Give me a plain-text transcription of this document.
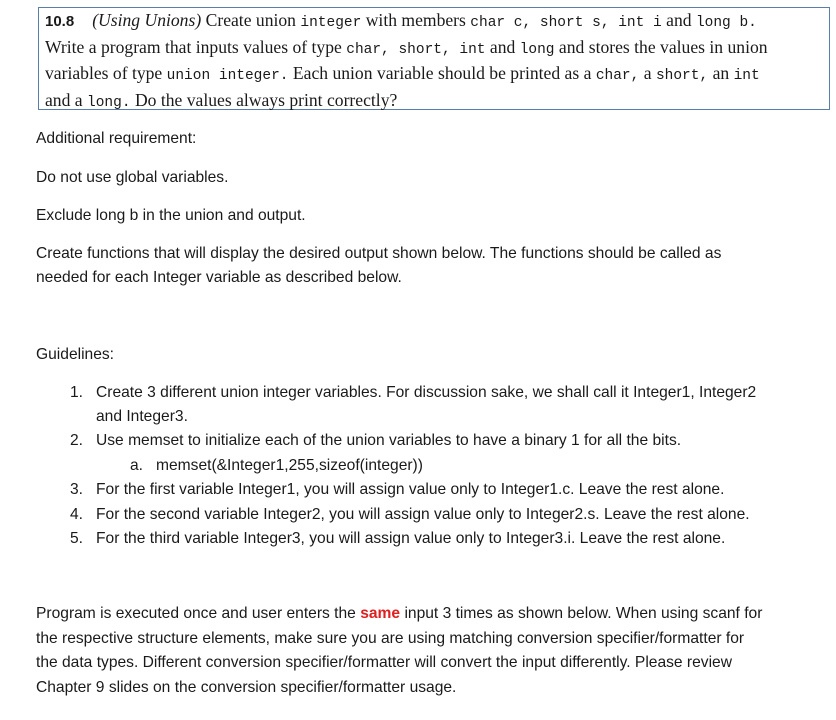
10.8 (Using Unions) Create union integer with members char c, short s, int i and long b.
Write a program that inputs values of type char, short, int and long and stores the values in union variables of type union integer. Each union variable should be printed as a char, a short, an int
and a long. Do the values always print correctly?
Additional requirement:
Do not use global variables.
Exclude long b in the union and output.
Create functions that will display the desired output shown below. The functions should be called as
needed for each Integer variable as described below.
Guidelines:
1. Create 3 different union integer variables. For discussion sake, we shall call it Integer1, Integer2
and Integer3.
2. Use memset to initialize each of the union variables to have a binary 1 for all the bits.
a. memset(&Integer1,255,sizeof(integer))
3. For the first variable Integer1, you will assign value only to Integer1.c. Leave the rest alone.
4. For the second variable Integer2, you will assign value only to Integer2.s. Leave the rest alone.
5. For the third variable Integer3, you will assign value only to Integer3.i. Leave the rest alone.
Program is executed once and user enters the same input 3 times as shown below. When using scanf for
the respective structure elements, make sure you are using matching conversion specifier/formatter for
the data types. Different conversion specifier/formatter will convert the input differently. Please review
Chapter 9 slides on the conversion specifier/formatter usage.
